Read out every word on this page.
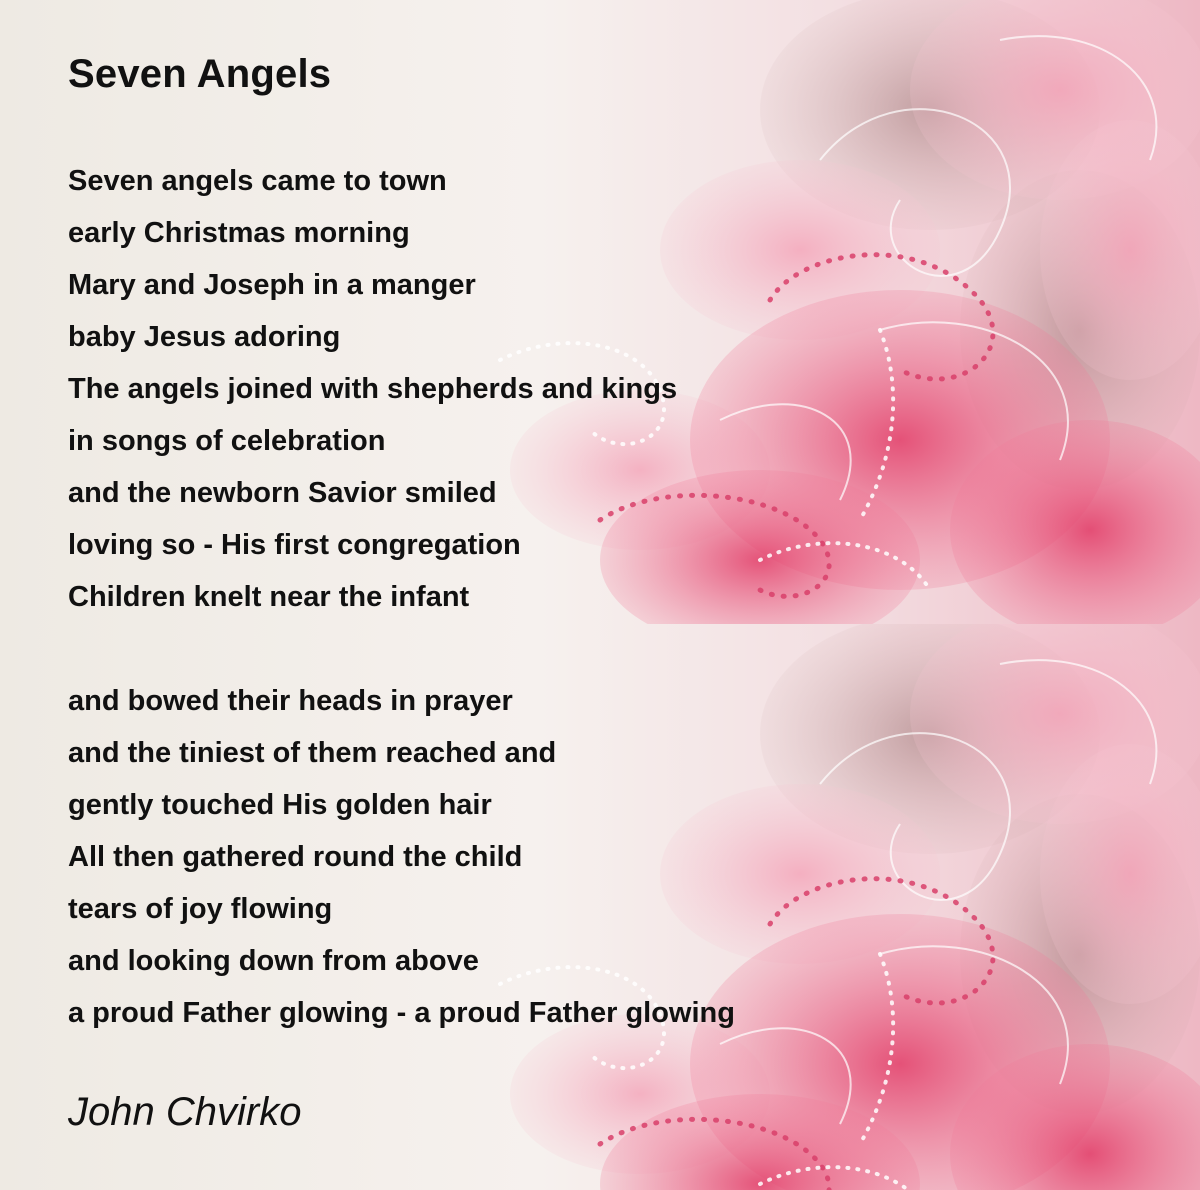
Seven Angels
Seven angels came to town
early Christmas morning
Mary and Joseph in a manger
baby Jesus adoring
The angels joined with shepherds and kings
in songs of celebration
and the newborn Savior smiled
loving so - His first congregation
Children knelt near the infant
and bowed their heads in prayer
and the tiniest of them reached and
gently touched His golden hair
All then gathered round the child
tears of joy flowing
and looking down from above
a proud Father glowing - a proud Father glowing

John Chvirko
